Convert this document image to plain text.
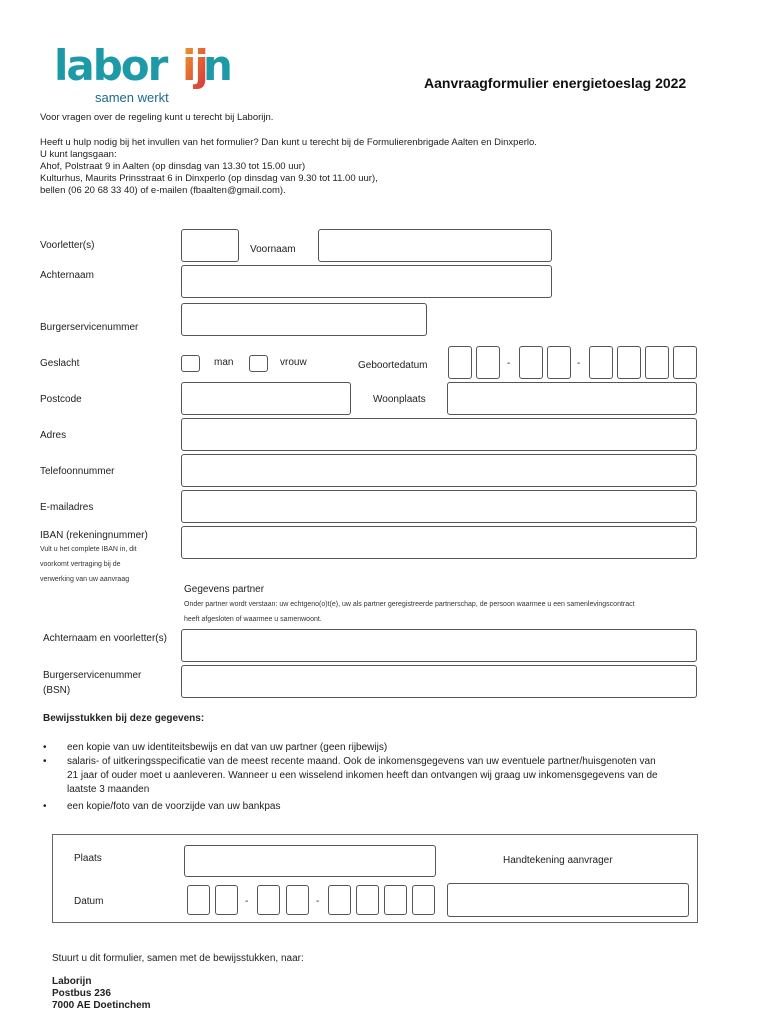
labor ij
n
samen werkt
Aanvraagformulier energietoeslag 2022
Voor vragen over de regeling kunt u terecht bij Laborijn.
Heeft u hulp nodig bij het invullen van het formulier? Dan kunt u terecht bij de Formulierenbrigade Aalten en Dinxperlo.
U kunt langsgaan:
Ahof, Polstraat 9 in Aalten (op dinsdag van 13.30 tot 15.00 uur)
Kulturhus, Maurits Prinsstraat 6 in Dinxperlo (op dinsdag van 9.30 tot 11.00 uur),
bellen (06 20 68 33 40) of e-mailen (fbaalten@gmail.com).
Voorletter(s)	Voornaam
Achternaam
Burgerservicenummer
Geslacht	man	vrouw	Geboortedatum	-	-
Postcode	Woonplaats
Adres
Telefoonnummer
E-mailadres
IBAN (rekeningnummer)
Vult u het complete IBAN in, dit
voorkomt vertraging bij de
verwerking van uw aanvraag
Gegevens partner
Onder partner wordt verstaan: uw echtgeno(o)t(e), uw als partner geregistreerde partnerschap, de persoon waarmee u een samenlevingscontract
heeft afgesloten of waarmee u samenwoont.
Achternaam en voorletter(s)
Burgerservicenummer
(BSN)
Bewijsstukken bij deze gegevens:
• een kopie van uw identiteitsbewijs en dat van uw partner (geen rijbewijs)
• salaris- of uitkeringsspecificatie van de meest recente maand. Ook de inkomensgegevens van uw eventuele partner/huisgenoten van
21 jaar of ouder moet u aanleveren. Wanneer u een wisselend inkomen heeft dan ontvangen wij graag uw inkomensgegevens van de
laatste 3 maanden
• een kopie/foto van de voorzijde van uw bankpas
Plaats	Handtekening aanvrager
Datum	-	-
Stuurt u dit formulier, samen met de bewijsstukken, naar:
Laborijn
Postbus 236
7000 AE Doetinchem
